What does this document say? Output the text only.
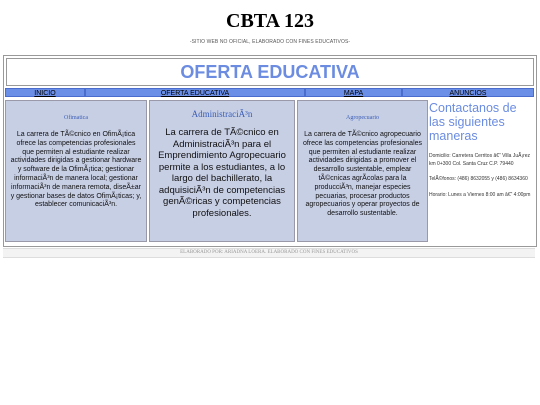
CBTA 123
-SITIO WEB NO OFICIAL, ELABORADO CON FINES EDUCATIVOS-
OFERTA EDUCATIVA
INICIO	OFERTA EDUCATIVA	MAPA	ANUNCIOS
Ofimatica
La carrera de TÃ©cnico en OfimÃ¡tica ofrece las competencias profesionales que permiten al estudiante realizar actividades dirigidas a gestionar hardware y software de la OfimÃ¡tica; gestionar informaciÃ³n de manera local; gestionar informaciÃ³n de manera remota, diseÃ±ar y gestionar bases de datos OfimÃ¡ticas; y, establecer comunicaciÃ³n.
AdministraciÃ³n
La carrera de TÃ©cnico en AdministraciÃ³n para el Emprendimiento Agropecuario permite a los estudiantes, a lo largo del bachillerato, la adquisiciÃ³n de competencias genÃ©ricas y competencias profesionales.
Agropecuario
La carrera de TÃ©cnico agropecuario ofrece las competencias profesionales que permiten al estudiante realizar actividades dirigidas a promover el desarrollo sustentable, emplear tÃ©cnicas agrÃcolas para la producciÃ³n, manejar especies pecuarias, procesar productos agropecuarios y operar proyectos de desarrollo sustentable.
Contactanos de las siguientes maneras
Domicilio: Carretera Cerritos â€“ Villa JuÃ¡rez km 0+300 Col. Santa Cruz C.P. 79440
TelÃ©fonos: (486) 8632055 y (486) 8634360
Horario: Lunes a Viernes 8:00 am â€“ 4:00pm
ELABORADO POR: ARIADNA LOERA. ELABORADO CON FINES EDUCATIVOS
